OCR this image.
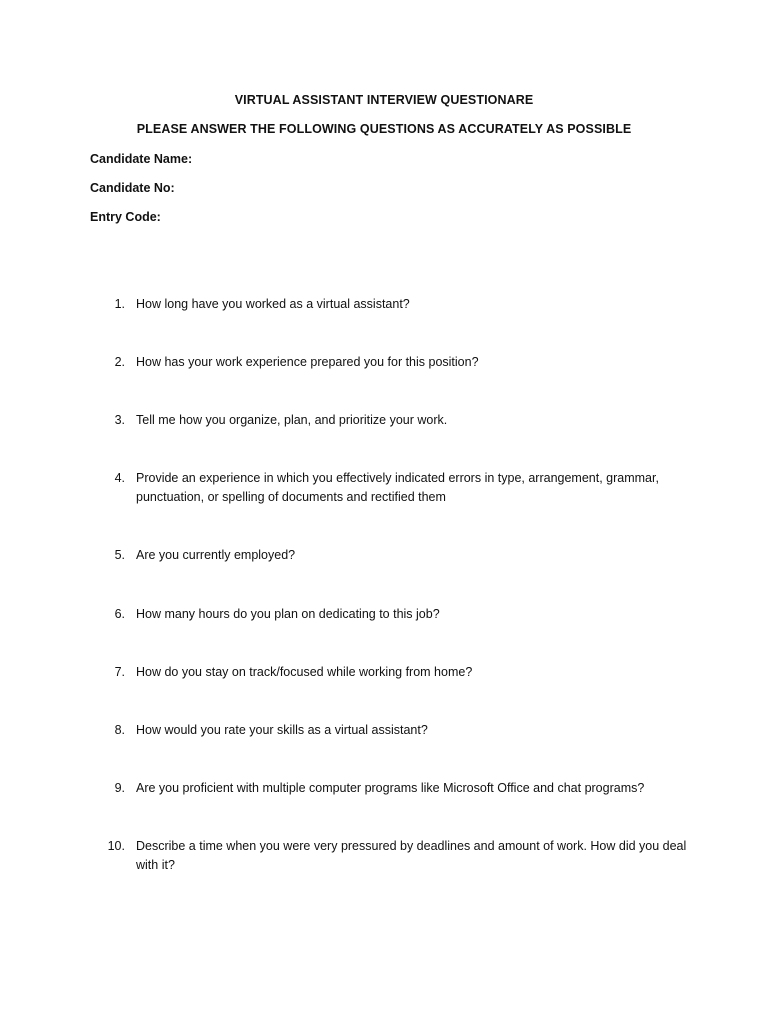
VIRTUAL ASSISTANT INTERVIEW QUESTIONARE
PLEASE ANSWER THE FOLLOWING QUESTIONS AS ACCURATELY AS POSSIBLE
Candidate Name:
Candidate No:
Entry Code:
1. How long have you worked as a virtual assistant?
2. How has your work experience prepared you for this position?
3. Tell me how you organize, plan, and prioritize your work.
4. Provide an experience in which you effectively indicated errors in type, arrangement, grammar, punctuation, or spelling of documents and rectified them
5. Are you currently employed?
6. How many hours do you plan on dedicating to this job?
7. How do you stay on track/focused while working from home?
8. How would you rate your skills as a virtual assistant?
9. Are you proficient with multiple computer programs like Microsoft Office and chat programs?
10. Describe a time when you were very pressured by deadlines and amount of work. How did you deal with it?
